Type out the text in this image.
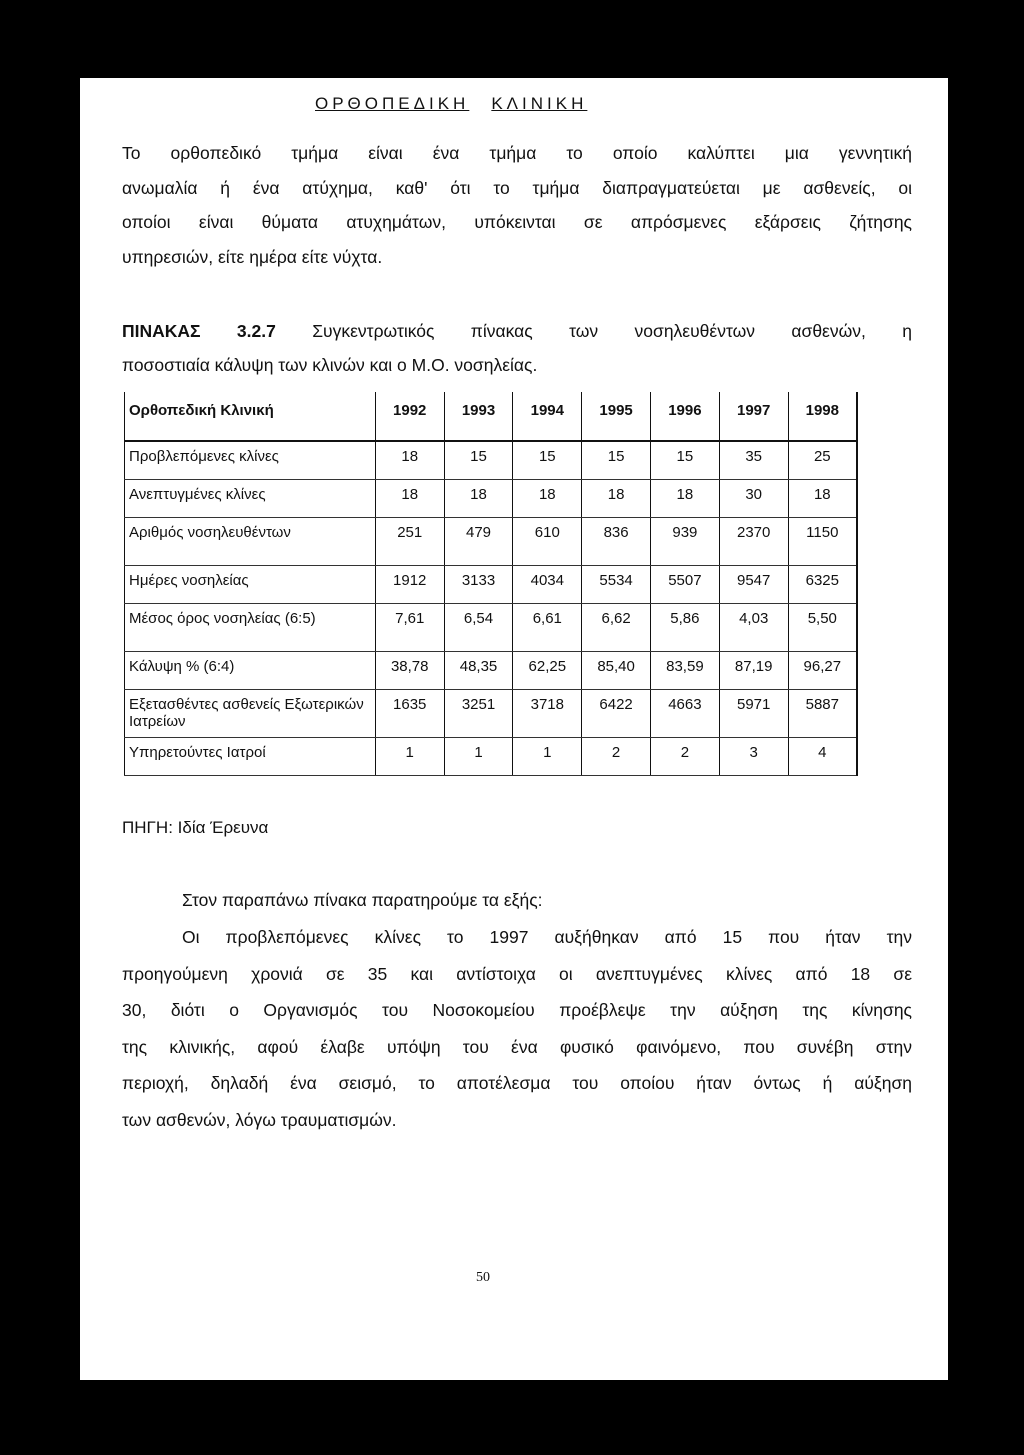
ΟΡΘΟΠΕΔΙΚΗ ΚΛΙΝΙΚΗ

Το ορθοπεδικό τμήμα είναι ένα τμήμα το οποίο καλύπτει μια γεννητική
ανωμαλία ή ένα ατύχημα, καθ' ότι το τμήμα διαπραγματεύεται με ασθενείς, οι
οποίοι είναι θύματα ατυχημάτων, υπόκεινται σε απρόσμενες εξάρσεις ζήτησης
υπηρεσιών, είτε ημέρα είτε νύχτα.

ΠΙΝΑΚΑΣ 3.2.7 Συγκεντρωτικός πίνακας των νοσηλευθέντων ασθενών, η
ποσοστιαία κάλυψη των κλινών και ο Μ.Ο. νοσηλείας.

Ορθοπεδική Κλινική	1992	1993	1994	1995	1996	1997	1998

Προβλεπόμενες κλίνες	18	15	15	15	15	35	25
Ανεπτυγμένες κλίνες	18	18	18	18	18	30	18
Αριθμός νοσηλευθέντων	251	479	610	836	939	2370	1150
Ημέρες νοσηλείας	1912	3133	4034	5534	5507	9547	6325
Μέσος όρος νοσηλείας (6:5)	7,61	6,54	6,61	6,62	5,86	4,03	5,50
Κάλυψη % (6:4)	38,78	48,35	62,25	85,40	83,59	87,19	96,27
Εξετασθέντες ασθενείς Εξωτερικών Ιατρείων	1635	3251	3718	6422	4663	5971	5887
Υπηρετούντες Ιατροί	1	1	1	2	2	3	4
ΠΗΓΗ: Ιδία Έρευνα
Στον παραπάνω πίνακα παρατηρούμε τα εξής:

Οι προβλεπόμενες κλίνες το 1997 αυξήθηκαν από 15 που ήταν την
προηγούμενη χρονιά σε 35 και αντίστοιχα οι ανεπτυγμένες κλίνες από 18 σε
30, διότι ο Οργανισμός του Νοσοκομείου προέβλεψε την αύξηση της κίνησης
της κλινικής, αφού έλαβε υπόψη του ένα φυσικό φαινόμενο, που συνέβη στην
περιοχή, δηλαδή ένα σεισμό, το αποτέλεσμα του οποίου ήταν όντως ή αύξηση
των ασθενών, λόγω τραυματισμών.

50
